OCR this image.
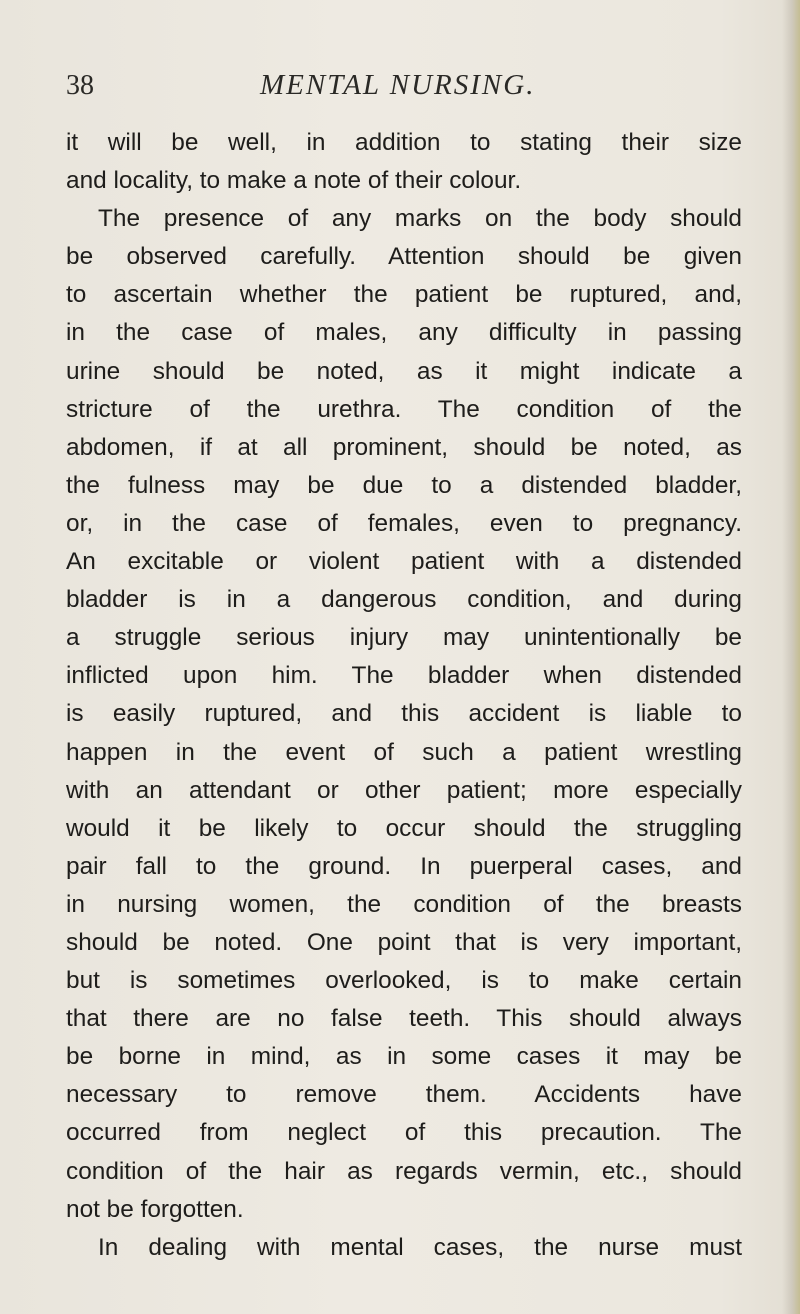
38	MENTAL NURSING.
it will be well, in addition to stating their size
and locality, to make a note of their colour.
The presence of any marks on the body should
be observed carefully. Attention should be given
to ascertain whether the patient be ruptured, and,
in the case of males, any difficulty in passing
urine should be noted, as it might indicate a
stricture of the urethra. The condition of the
abdomen, if at all prominent, should be noted, as
the fulness may be due to a distended bladder,
or, in the case of females, even to pregnancy.
An excitable or violent patient with a distended
bladder is in a dangerous condition, and during
a struggle serious injury may unintentionally be
inflicted upon him. The bladder when distended
is easily ruptured, and this accident is liable to
happen in the event of such a patient wrestling
with an attendant or other patient; more especially
would it be likely to occur should the struggling
pair fall to the ground. In puerperal cases, and
in nursing women, the condition of the breasts
should be noted. One point that is very important,
but is sometimes overlooked, is to make certain
that there are no false teeth. This should always
be borne in mind, as in some cases it may be
necessary to remove them. Accidents have
occurred from neglect of this precaution. The
condition of the hair as regards vermin, etc., should
not be forgotten.
In dealing with mental cases, the nurse must
